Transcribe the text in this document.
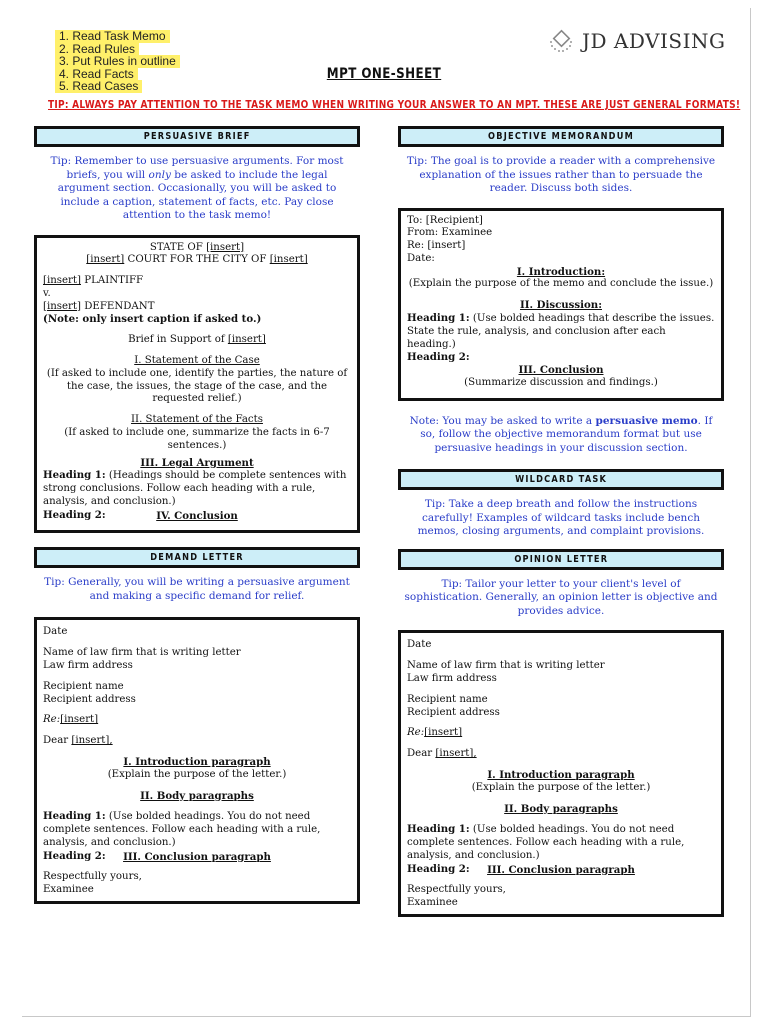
1. Read Task Memo
2. Read Rules
3. Put Rules in outline
4. Read Facts
5. Read Cases
JD ADVISING
MPT ONE-SHEET
TIP: ALWAYS PAY ATTENTION TO THE TASK MEMO WHEN WRITING YOUR ANSWER TO AN MPT. THESE ARE JUST GENERAL FORMATS!
PERSUASIVE BRIEF
Tip: Remember to use persuasive arguments. For most briefs, you will only be asked to include the legal argument section. Occasionally, you will be asked to include a caption, statement of facts, etc. Pay close attention to the task memo!
STATE OF [insert]
[insert] COURT FOR THE CITY OF [insert]
[insert] PLAINTIFF
v.
[insert] DEFENDANT
(Note: only insert caption if asked to.)
Brief in Support of [insert]
I. Statement of the Case
(If asked to include one, identify the parties, the nature of the case, the issues, the stage of the case, and the requested relief.)
II. Statement of the Facts
(If asked to include one, summarize the facts in 6-7 sentences.)
III. Legal Argument
Heading 1: (Headings should be complete sentences with strong conclusions. Follow each heading with a rule, analysis, and conclusion.)
Heading 2:	IV. Conclusion
DEMAND LETTER
Tip: Generally, you will be writing a persuasive argument and making a specific demand for relief.
Date
Name of law firm that is writing letter
Law firm address
Recipient name
Recipient address
Re:[insert]
Dear [insert],
I. Introduction paragraph
(Explain the purpose of the letter.)
II. Body paragraphs
Heading 1: (Use bolded headings. You do not need complete sentences. Follow each heading with a rule, analysis, and conclusion.)
Heading 2:	III. Conclusion paragraph
Respectfully yours,
Examinee
OBJECTIVE MEMORANDUM
Tip: The goal is to provide a reader with a comprehensive explanation of the issues rather than to persuade the reader. Discuss both sides.
To: [Recipient]
From: Examinee
Re: [insert]
Date:
I. Introduction:
(Explain the purpose of the memo and conclude the issue.)
II. Discussion:
Heading 1: (Use bolded headings that describe the issues. State the rule, analysis, and conclusion after each heading.)
Heading 2:
III. Conclusion
(Summarize discussion and findings.)
Note: You may be asked to write a persuasive memo. If so, follow the objective memorandum format but use persuasive headings in your discussion section.
WILDCARD TASK
Tip: Take a deep breath and follow the instructions carefully! Examples of wildcard tasks include bench memos, closing arguments, and complaint provisions.
OPINION LETTER
Tip: Tailor your letter to your client's level of sophistication. Generally, an opinion letter is objective and provides advice.
Date
Name of law firm that is writing letter
Law firm address
Recipient name
Recipient address
Re:[insert]
Dear [insert],
I. Introduction paragraph
(Explain the purpose of the letter.)
II. Body paragraphs
Heading 1: (Use bolded headings. You do not need complete sentences. Follow each heading with a rule, analysis, and conclusion.)
Heading 2:	III. Conclusion paragraph
Respectfully yours,
Examinee
